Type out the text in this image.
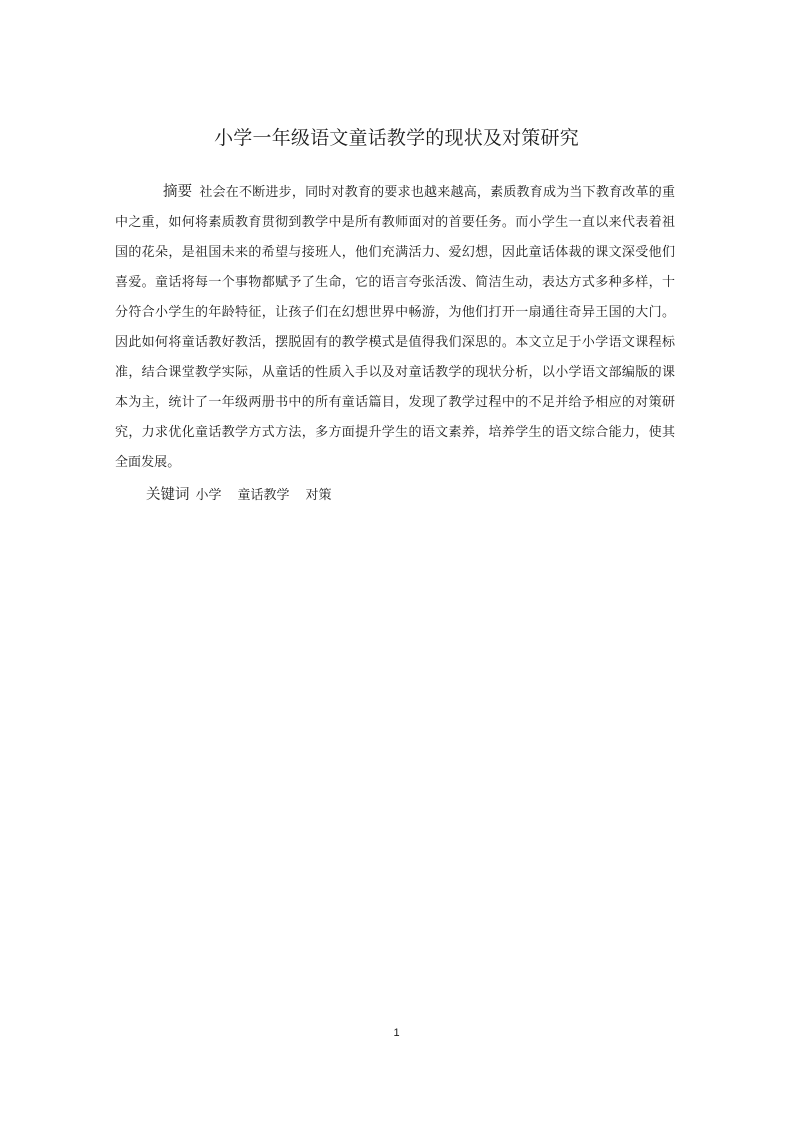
小学一年级语文童话教学的现状及对策研究

摘要 社会在不断进步，同时对教育的要求也越来越高，素质教育成为当下教育改革的重中之重，如何将素质教育贯彻到教学中是所有教师面对的首要任务。而小学生一直以来代表着祖国的花朵，是祖国未来的希望与接班人，他们充满活力、爱幻想，因此童话体裁的课文深受他们喜爱。童话将每一个事物都赋予了生命，它的语言夸张活泼、简洁生动，表达方式多种多样，十分符合小学生的年龄特征，让孩子们在幻想世界中畅游，为他们打开一扇通往奇异王国的大门。因此如何将童话教好教活，摆脱固有的教学模式是值得我们深思的。本文立足于小学语文课程标准，结合课堂教学实际，从童话的性质入手以及对童话教学的现状分析，以小学语文部编版的课本为主，统计了一年级两册书中的所有童话篇目，发现了教学过程中的不足并给予相应的对策研究，力求优化童话教学方式方法，多方面提升学生的语文素养，培养学生的语文综合能力，使其全面发展。

关键词 小学 童话教学 对策

1
